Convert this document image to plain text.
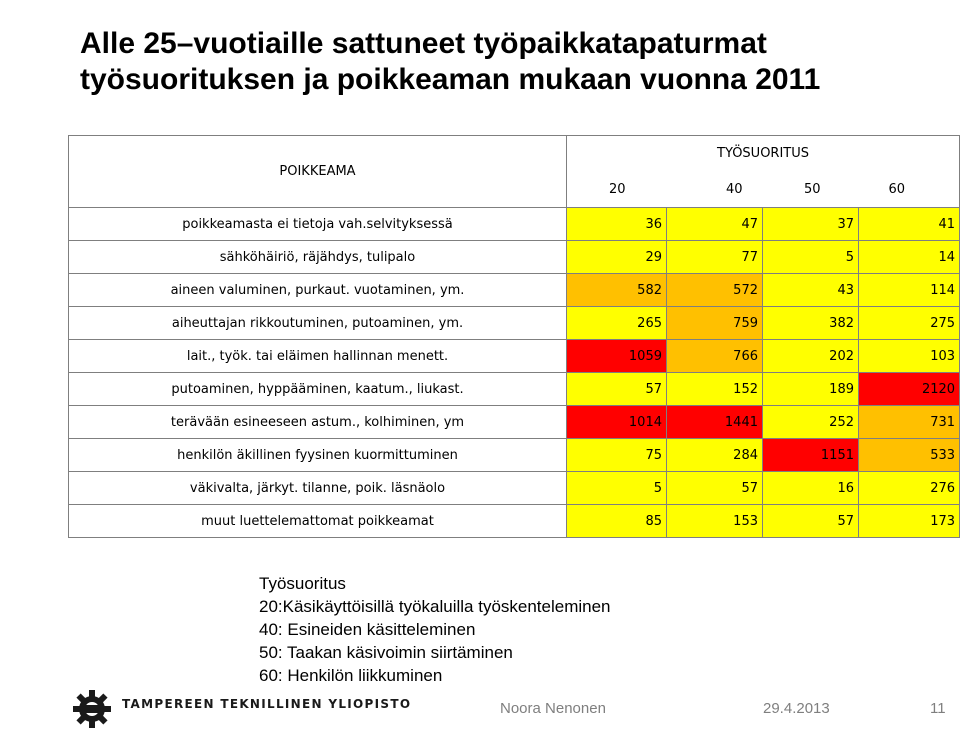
Alle 25–vuotiaille sattuneet työpaikkatapaturmat
työsuorituksen ja poikkeaman mukaan vuonna 2011
POIKKEAMA	TYÖSUORITUS			
	20	40	50	60
poikkeamasta ei tietoja vah.selvityksessä	36	47	37	41
sähköhäiriö, räjähdys, tulipalo	29	77	5	14
aineen valuminen, purkaut. vuotaminen, ym.	582	572	43	114
aiheuttajan rikkoutuminen, putoaminen, ym.	265	759	382	275
lait., työk. tai eläimen hallinnan menett.	1059	766	202	103
putoaminen, hyppääminen, kaatum., liukast.	57	152	189	2120
terävään esineeseen astum., kolhiminen, ym	1014	1441	252	731
henkilön äkillinen fyysinen kuormittuminen	75	284	1151	533
väkivalta, järkyt. tilanne, poik. läsnäolo	5	57	16	276
muut luettelemattomat poikkeamat	85	153	57	173
Työsuoritus
20:Käsikäyttöisillä työkaluilla työskenteleminen
40: Esineiden käsitteleminen
50: Taakan käsivoimin siirtäminen
60: Henkilön liikkuminen
TAMPEREEN TEKNILLINEN YLIOPISTO	Noora Nenonen	29.4.2013	11
